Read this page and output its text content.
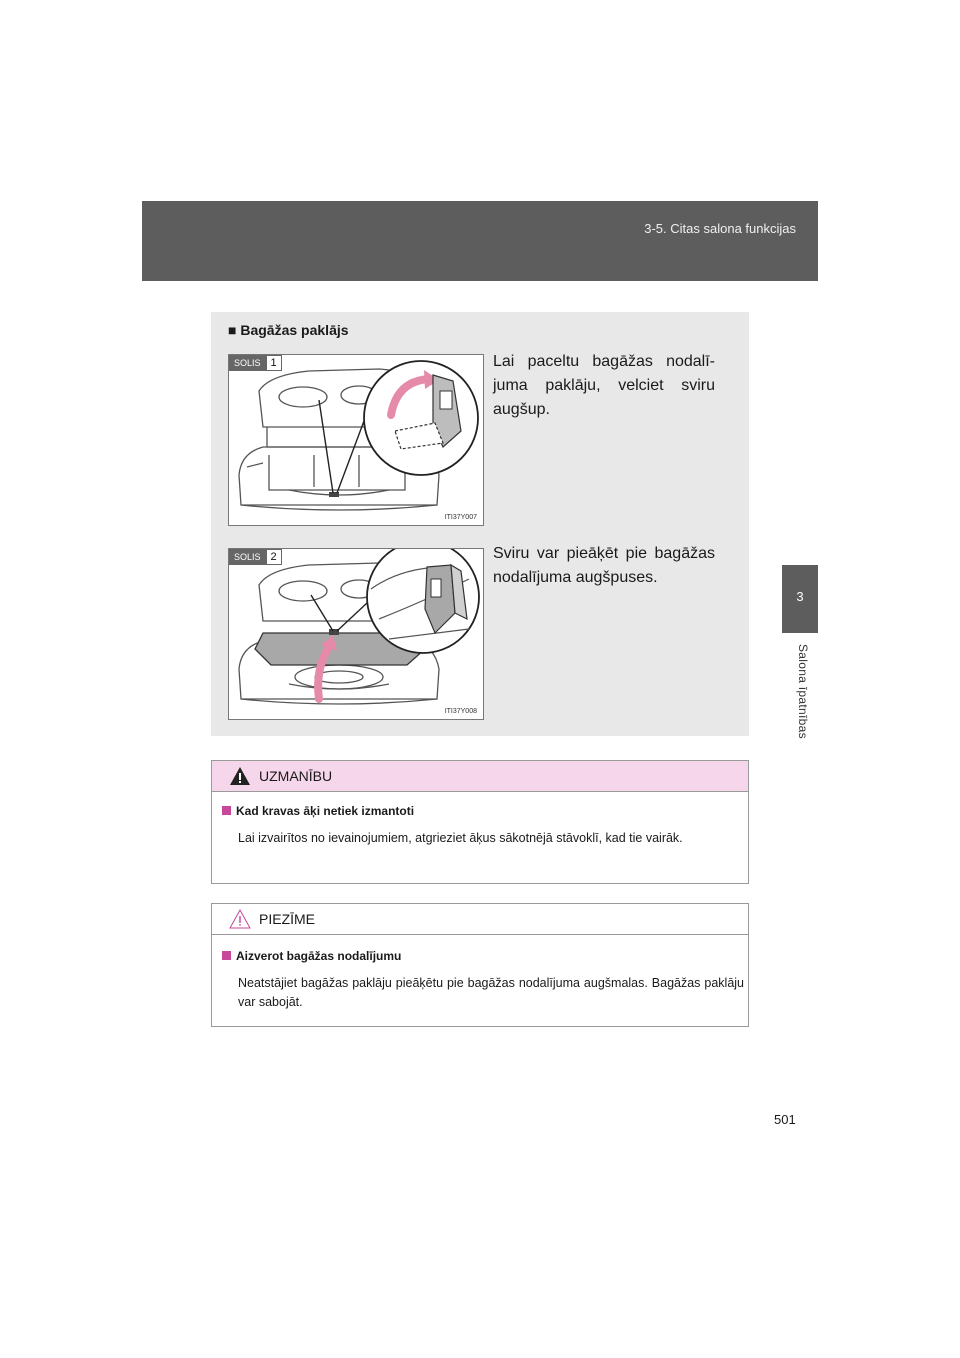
3-5. Citas salona funkcijas
3
Salona īpatnības
■ Bagāžas paklājs
SOLIS 1
ITI37Y007
Lai paceltu bagāžas nodalījuma paklāju, velciet sviru augšup.
SOLIS 2
ITI37Y008
Sviru var pieāķēt pie bagāžas nodalījuma augšpuses.
UZMANĪBU
Kad kravas āķi netiek izmantoti
Lai izvairītos no ievainojumiem, atgrieziet āķus sākotnējā stāvoklī, kad tie vairāk.
PIEZĪME
Aizverot bagāžas nodalījumu
Neatstājiet bagāžas paklāju pieāķētu pie bagāžas nodalījuma augšmalas. Bagāžas paklāju var sabojāt.
501
